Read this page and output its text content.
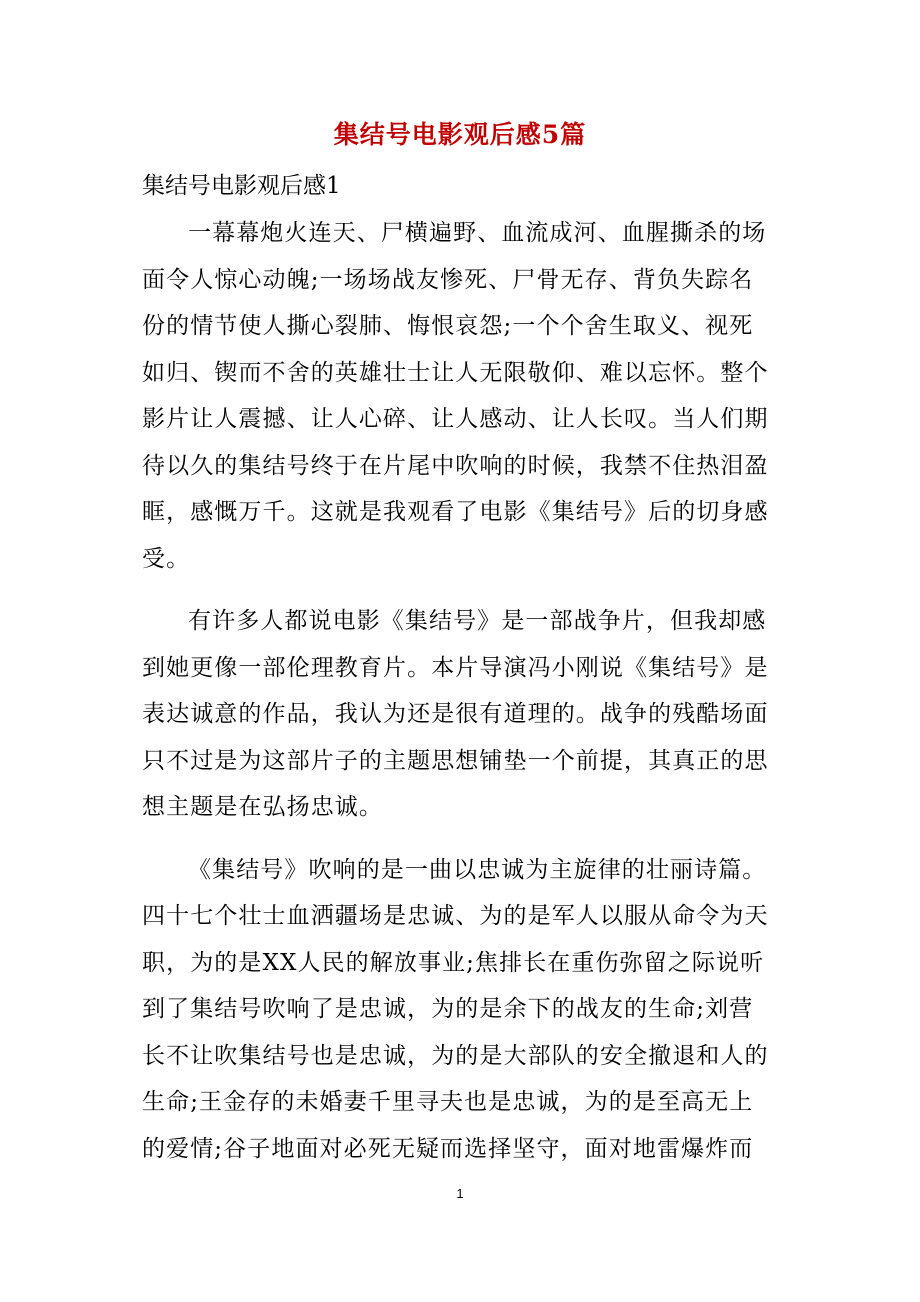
集结号电影观后感5篇
集结号电影观后感1
一幕幕炮火连天、尸横遍野、血流成河、血腥撕杀的场
面令人惊心动魄;一场场战友惨死、尸骨无存、背负失踪名
份的情节使人撕心裂肺、悔恨哀怨;一个个舍生取义、视死
如归、锲而不舍的英雄壮士让人无限敬仰、难以忘怀。整个
影片让人震撼、让人心碎、让人感动、让人长叹。当人们期
待以久的集结号终于在片尾中吹响的时候，我禁不住热泪盈
眶，感慨万千。这就是我观看了电影《集结号》后的切身感
受。
有许多人都说电影《集结号》是一部战争片，但我却感
到她更像一部伦理教育片。本片导演冯小刚说《集结号》是
表达诚意的作品，我认为还是很有道理的。战争的残酷场面
只不过是为这部片子的主题思想铺垫一个前提，其真正的思
想主题是在弘扬忠诚。
《集结号》吹响的是一曲以忠诚为主旋律的壮丽诗篇。
四十七个壮士血洒疆场是忠诚、为的是军人以服从命令为天
职，为的是XX人民的解放事业;焦排长在重伤弥留之际说听
到了集结号吹响了是忠诚，为的是余下的战友的生命;刘营
长不让吹集结号也是忠诚，为的是大部队的安全撤退和人的
生命;王金存的未婚妻千里寻夫也是忠诚，为的是至高无上
的爱情;谷子地面对必死无疑而选择坚守，面对地雷爆炸而
1
